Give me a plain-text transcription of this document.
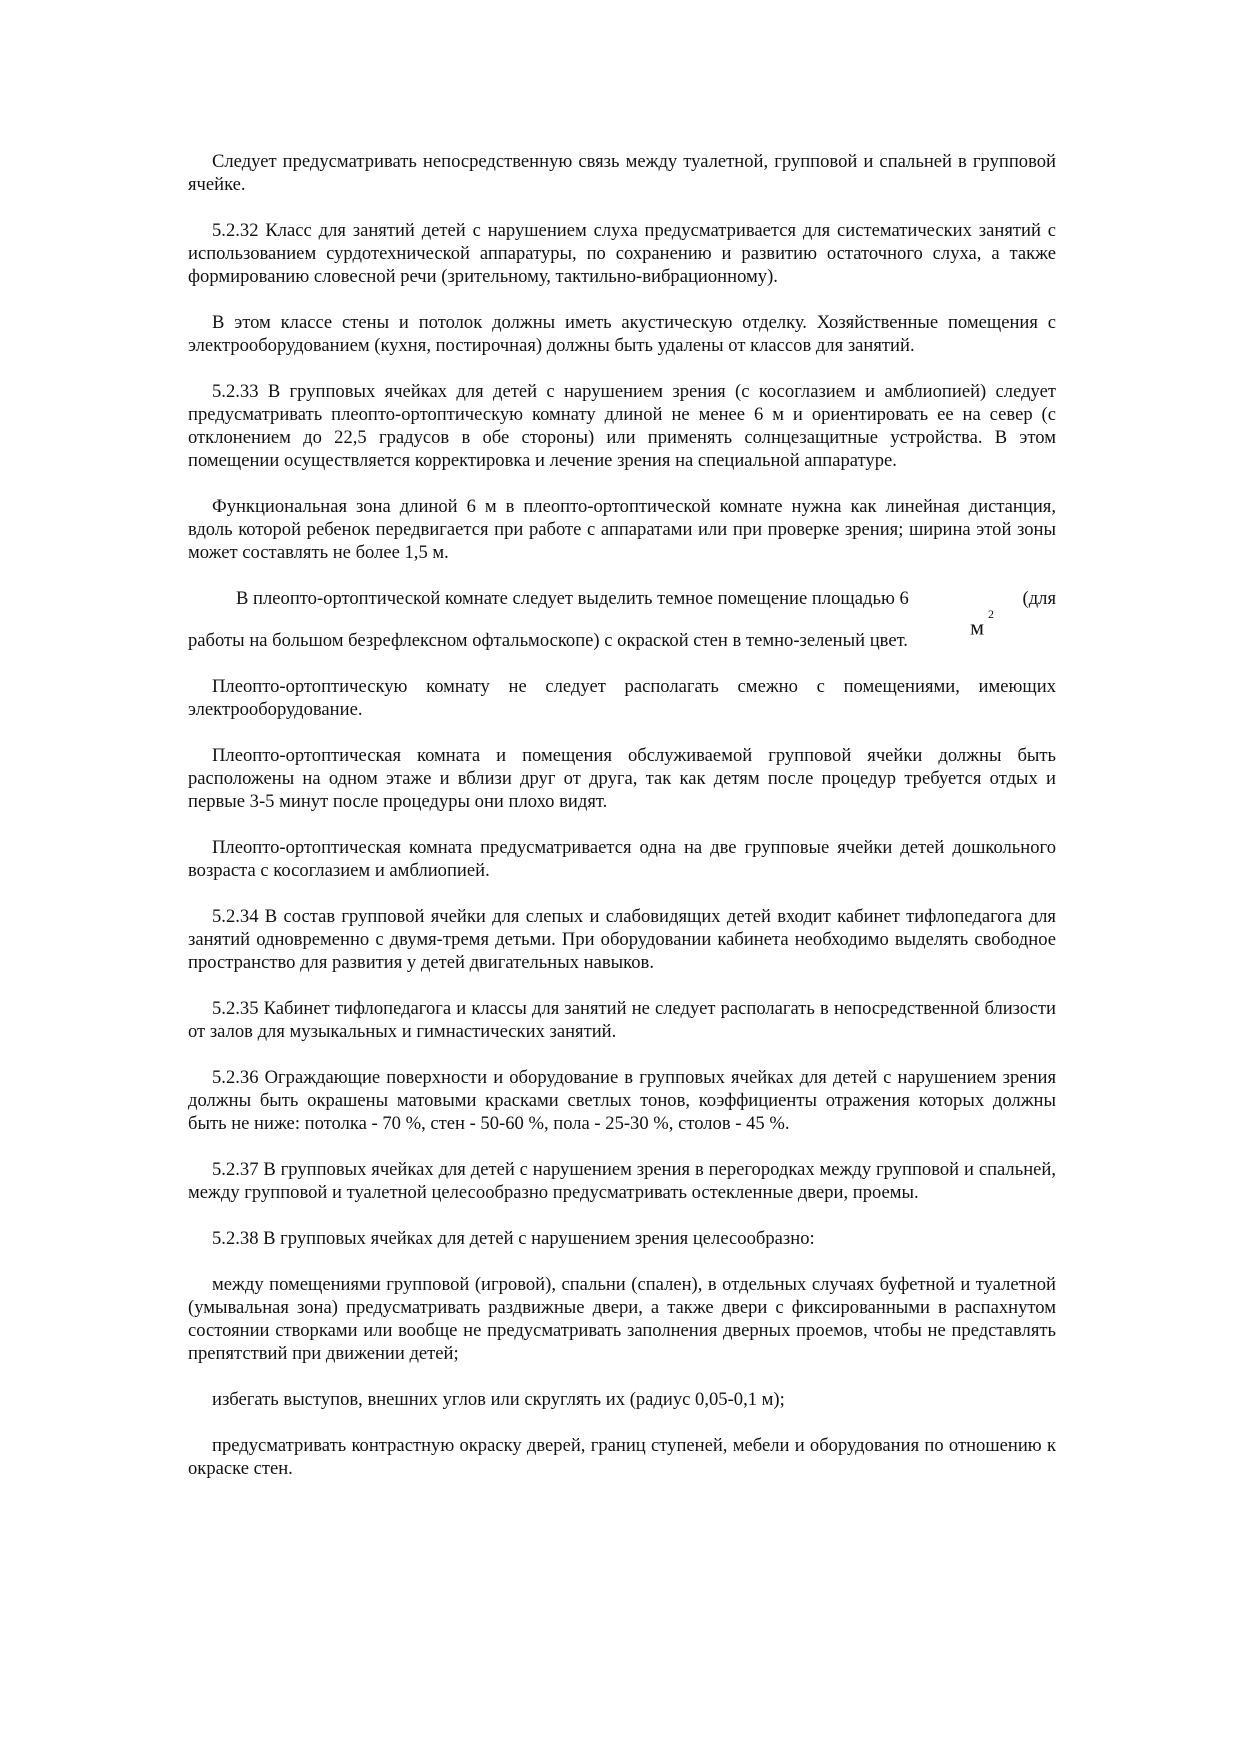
Следует предусматривать непосредственную связь между туалетной, групповой и спальней в групповой ячейке.

5.2.32 Класс для занятий детей с нарушением слуха предусматривается для систематических занятий с использованием сурдотехнической аппаратуры, по сохранению и развитию остаточного слуха, а также формированию словесной речи (зрительному, тактильно-вибрационному).

В этом классе стены и потолок должны иметь акустическую отделку. Хозяйственные помещения с электрооборудованием (кухня, постирочная) должны быть удалены от классов для занятий.

5.2.33 В групповых ячейках для детей с нарушением зрения (с косоглазием и амблиопией) следует предусматривать плеопто-ортоптическую комнату длиной не менее 6 м и ориентировать ее на север (с отклонением до 22,5 градусов в обе стороны) или применять солнцезащитные устройства. В этом помещении осуществляется корректировка и лечение зрения на специальной аппаратуре.

Функциональная зона длиной 6 м в плеопто-ортоптической комнате нужна как линейная дистанция, вдоль которой ребенок передвигается при работе с аппаратами или при проверке зрения; ширина этой зоны может составлять не более 1,5 м.

В плеопто-ортоптической комнате следует выделить темное помещение площадью 6
$м^2$
(для
работы на большом безрефлексном офтальмоскопе) с окраской стен в темно-зеленый цвет.

Плеопто-ортоптическую комнату не следует располагать смежно с помещениями, имеющих электрооборудование.

Плеопто-ортоптическая комната и помещения обслуживаемой групповой ячейки должны быть расположены на одном этаже и вблизи друг от друга, так как детям после процедур требуется отдых и первые 3-5 минут после процедуры они плохо видят.

Плеопто-ортоптическая комната предусматривается одна на две групповые ячейки детей дошкольного возраста с косоглазием и амблиопией.

5.2.34 В состав групповой ячейки для слепых и слабовидящих детей входит кабинет тифлопедагога для занятий одновременно с двумя-тремя детьми. При оборудовании кабинета необходимо выделять свободное пространство для развития у детей двигательных навыков.

5.2.35 Кабинет тифлопедагога и классы для занятий не следует располагать в непосредственной близости от залов для музыкальных и гимнастических занятий.

5.2.36 Ограждающие поверхности и оборудование в групповых ячейках для детей с нарушением зрения должны быть окрашены матовыми красками светлых тонов, коэффициенты отражения которых должны быть не ниже: потолка - 70 %, стен - 50-60 %, пола - 25-30 %, столов - 45 %.

5.2.37 В групповых ячейках для детей с нарушением зрения в перегородках между групповой и спальней, между групповой и туалетной целесообразно предусматривать остекленные двери, проемы.

5.2.38 В групповых ячейках для детей с нарушением зрения целесообразно:

между помещениями групповой (игровой), спальни (спален), в отдельных случаях буфетной и туалетной (умывальная зона) предусматривать раздвижные двери, а также двери с фиксированными в распахнутом состоянии створками или вообще не предусматривать заполнения дверных проемов, чтобы не представлять препятствий при движении детей;

избегать выступов, внешних углов или скруглять их (радиус 0,05-0,1 м);

предусматривать контрастную окраску дверей, границ ступеней, мебели и оборудования по отношению к окраске стен.
